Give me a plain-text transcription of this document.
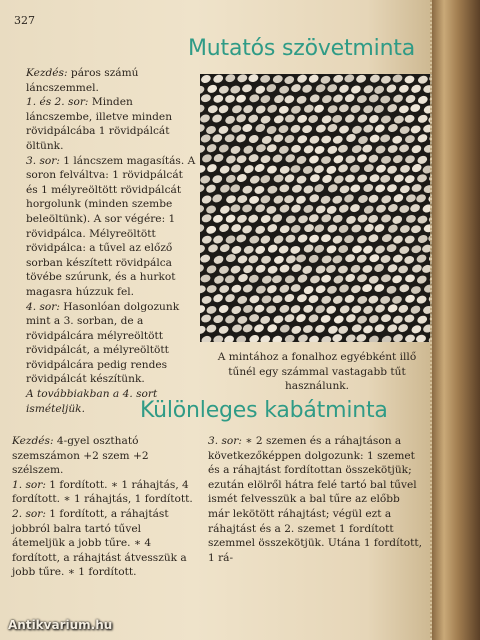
327
Mutatós szövetminta

Kezdés: páros számú láncszemmel.

1. és 2. sor: Minden láncszembe, illetve minden rövidpálcába 1 rövidpálcát öltünk.

3. sor: 1 láncszem magasítás. A soron felváltva: 1 rövidpálcát és 1 mélyreöltött rövidpálcát horgolunk (minden szembe beleöltünk). A sor végére: 1 rövidpálca. Mélyreöltött rövidpálca: a tűvel az előző sorban készített rövidpálca tövébe szúrunk, és a hurkot magasra húzzuk fel.

4. sor: Hasonlóan dolgozunk mint a 3. sorban, de a rövidpálcára mélyreöltött rövidpálcát, a mélyreöltött rövidpálcára pedig rendes rövidpálcát készítünk.

A továbbiakban a 4. sort ismételjük.

A mintához a fonalhoz egyébként illő tűnél egy számmal vastagabb tűt használunk.
Különleges kabátminta

Kezdés: 4-gyel osztható szemszámon +2 szem +2 szélszem.

1. sor: 1 fordított. ∗ 1 ráhajtás, 4 fordított. ∗ 1 ráhajtás, 1 fordított.

2. sor: 1 fordított, a ráhajtást jobbról balra tartó tűvel átemeljük a jobb tűre. ∗ 4 fordított, a ráhajtást átvesszük a jobb tűre. ∗ 1 fordított.

3. sor: ∗ 2 szemen és a ráhajtáson a következőképpen dolgozunk: 1 szemet és a ráhajtást fordítottan összekötjük; ezután elölről hátra felé tartó bal tűvel ismét felvesszük a bal tűre az előbb már lekötött ráhajtást; végül ezt a ráhajtást és a 2. szemet 1 fordított szemmel összekötjük. Utána 1 fordított, 1 rá-

Antikvarium.hu
